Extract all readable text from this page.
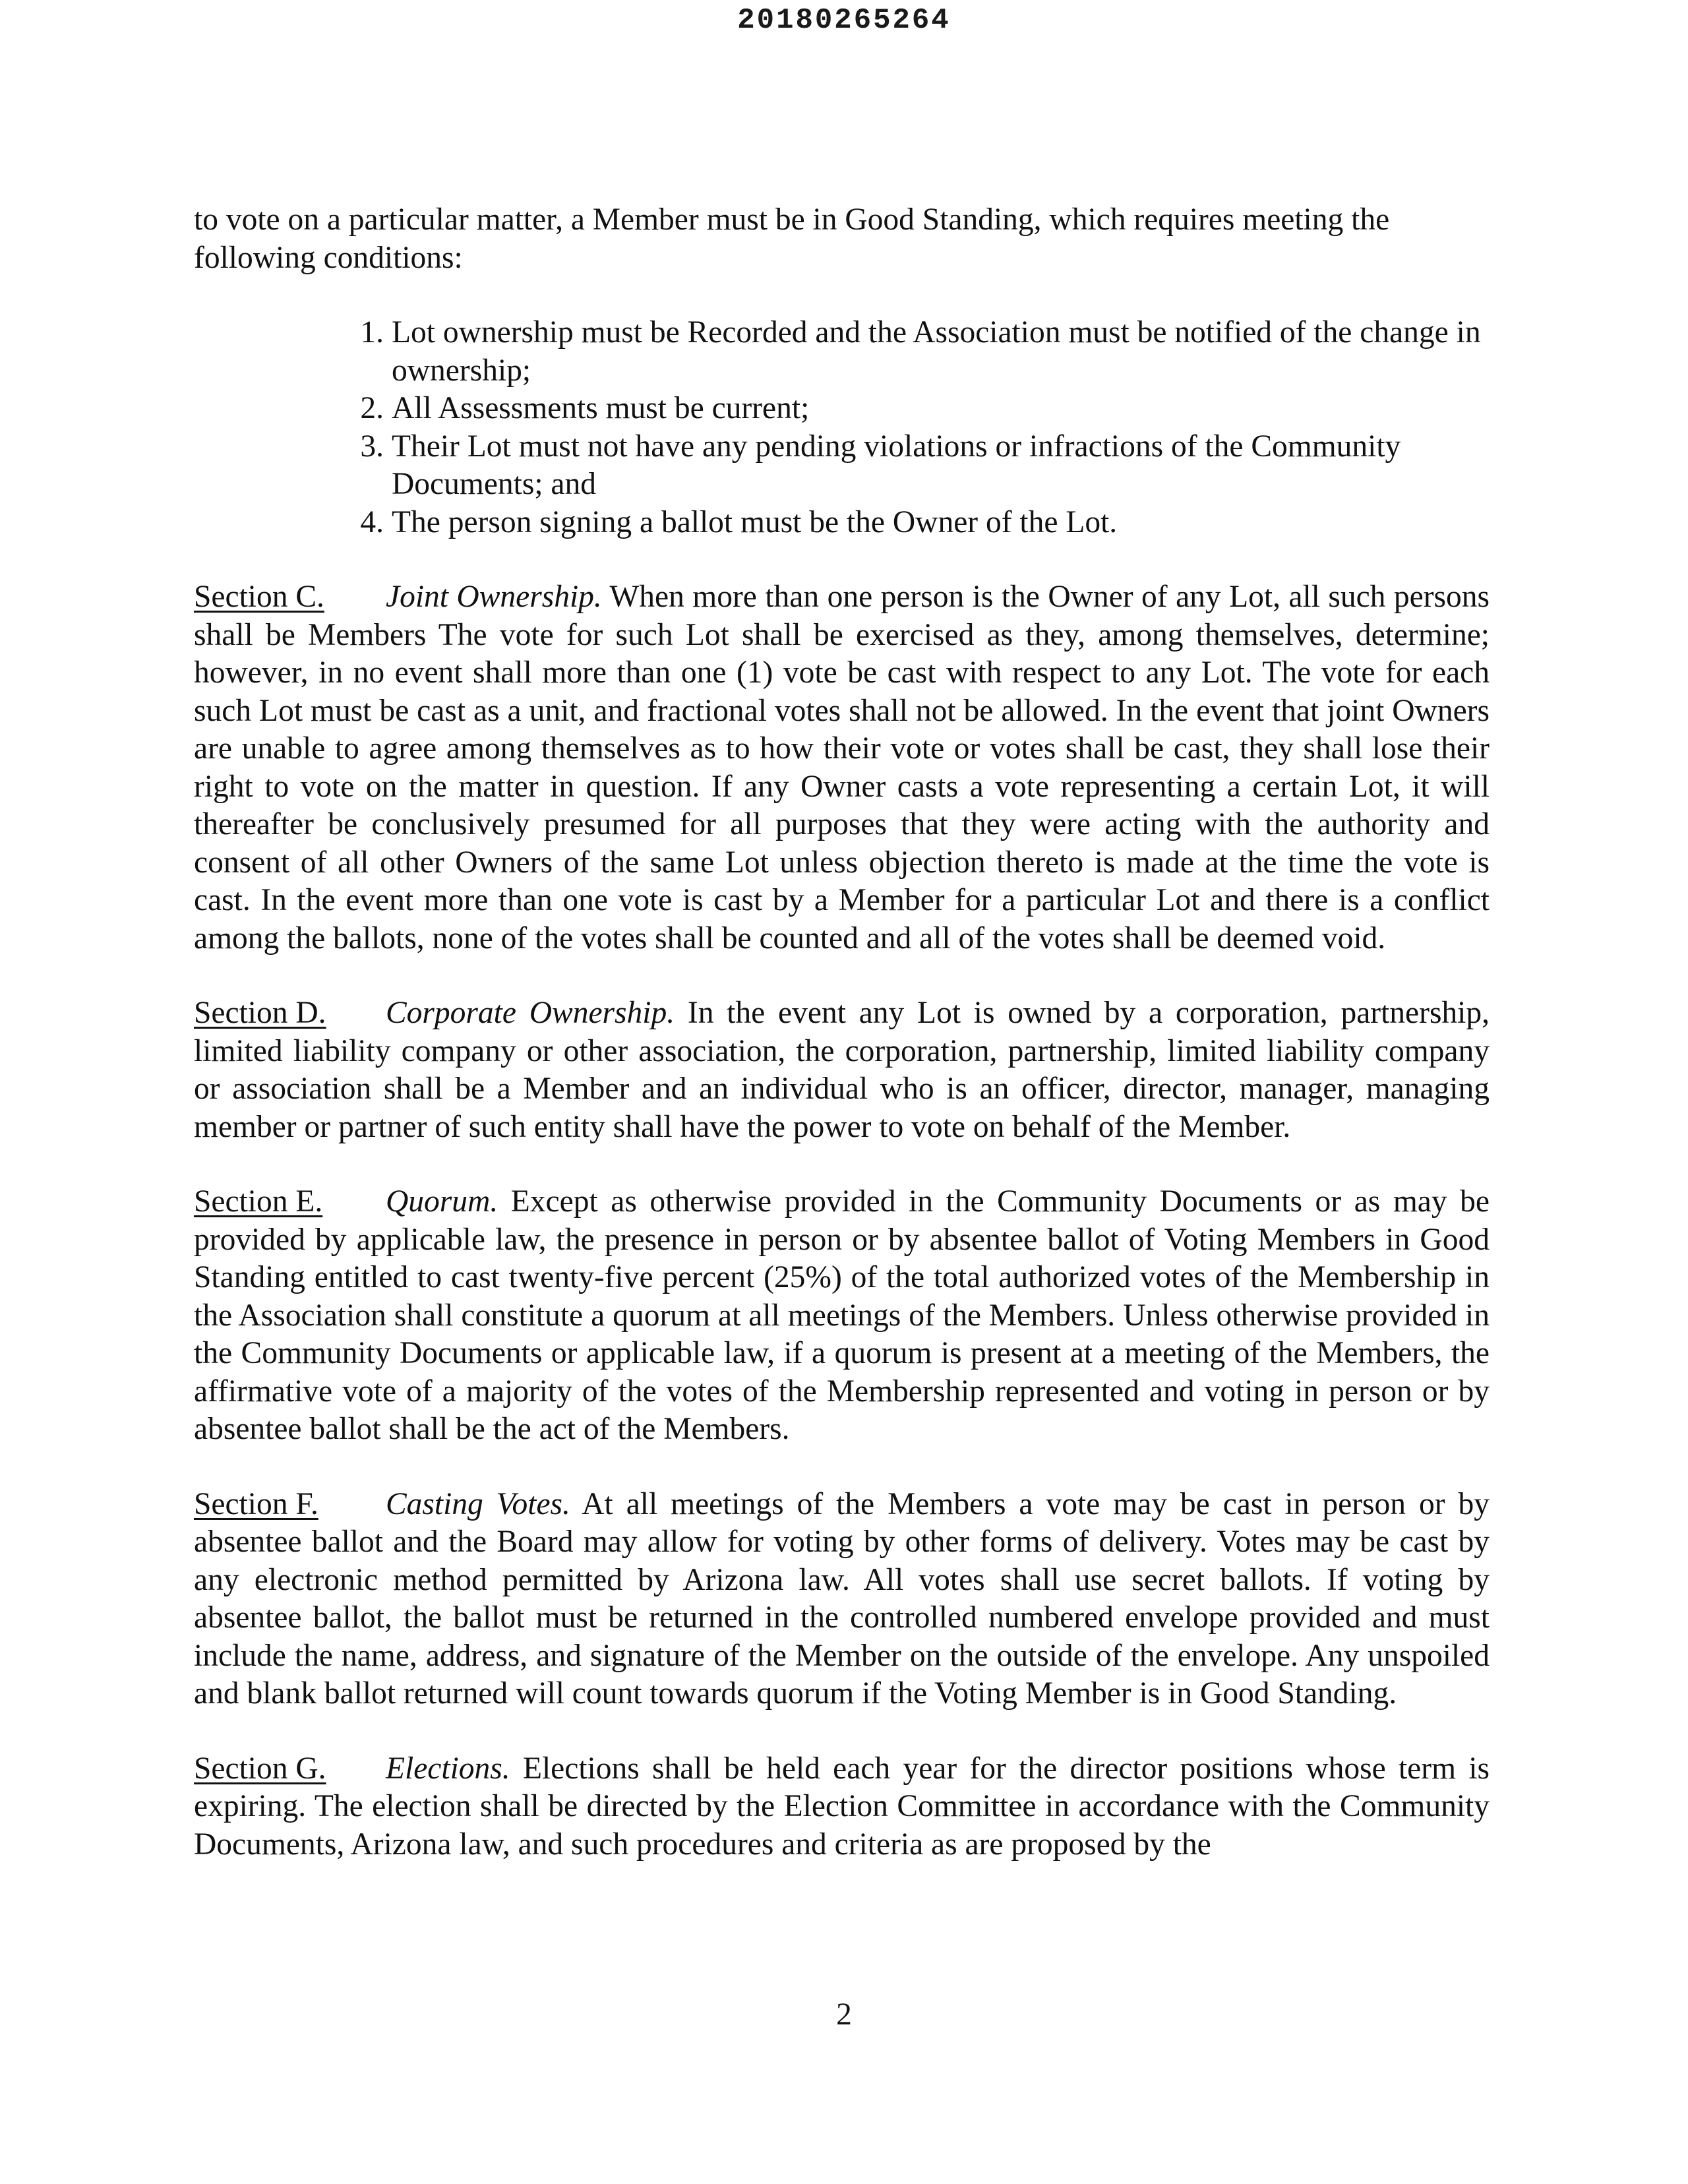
20180265264

to vote on a particular matter, a Member must be in Good Standing, which requires meeting the following conditions:

1. Lot ownership must be Recorded and the Association must be notified of the change in ownership;
2. All Assessments must be current;
3. Their Lot must not have any pending violations or infractions of the Community Documents; and
4. The person signing a ballot must be the Owner of the Lot.

Section C. Joint Ownership. When more than one person is the Owner of any Lot, all such persons shall be Members The vote for such Lot shall be exercised as they, among themselves, determine; however, in no event shall more than one (1) vote be cast with respect to any Lot. The vote for each such Lot must be cast as a unit, and fractional votes shall not be allowed. In the event that joint Owners are unable to agree among themselves as to how their vote or votes shall be cast, they shall lose their right to vote on the matter in question. If any Owner casts a vote representing a certain Lot, it will thereafter be conclusively presumed for all purposes that they were acting with the authority and consent of all other Owners of the same Lot unless objection thereto is made at the time the vote is cast. In the event more than one vote is cast by a Member for a particular Lot and there is a conflict among the ballots, none of the votes shall be counted and all of the votes shall be deemed void.

Section D. Corporate Ownership. In the event any Lot is owned by a corporation, partnership, limited liability company or other association, the corporation, partnership, limited liability company or association shall be a Member and an individual who is an officer, director, manager, managing member or partner of such entity shall have the power to vote on behalf of the Member.

Section E. Quorum. Except as otherwise provided in the Community Documents or as may be provided by applicable law, the presence in person or by absentee ballot of Voting Members in Good Standing entitled to cast twenty-five percent (25%) of the total authorized votes of the Membership in the Association shall constitute a quorum at all meetings of the Members. Unless otherwise provided in the Community Documents or applicable law, if a quorum is present at a meeting of the Members, the affirmative vote of a majority of the votes of the Membership represented and voting in person or by absentee ballot shall be the act of the Members.

Section F. Casting Votes. At all meetings of the Members a vote may be cast in person or by absentee ballot and the Board may allow for voting by other forms of delivery. Votes may be cast by any electronic method permitted by Arizona law. All votes shall use secret ballots. If voting by absentee ballot, the ballot must be returned in the controlled numbered envelope provided and must include the name, address, and signature of the Member on the outside of the envelope. Any unspoiled and blank ballot returned will count towards quorum if the Voting Member is in Good Standing.

Section G. Elections. Elections shall be held each year for the director positions whose term is expiring. The election shall be directed by the Election Committee in accordance with the Community Documents, Arizona law, and such procedures and criteria as are proposed by the

2
